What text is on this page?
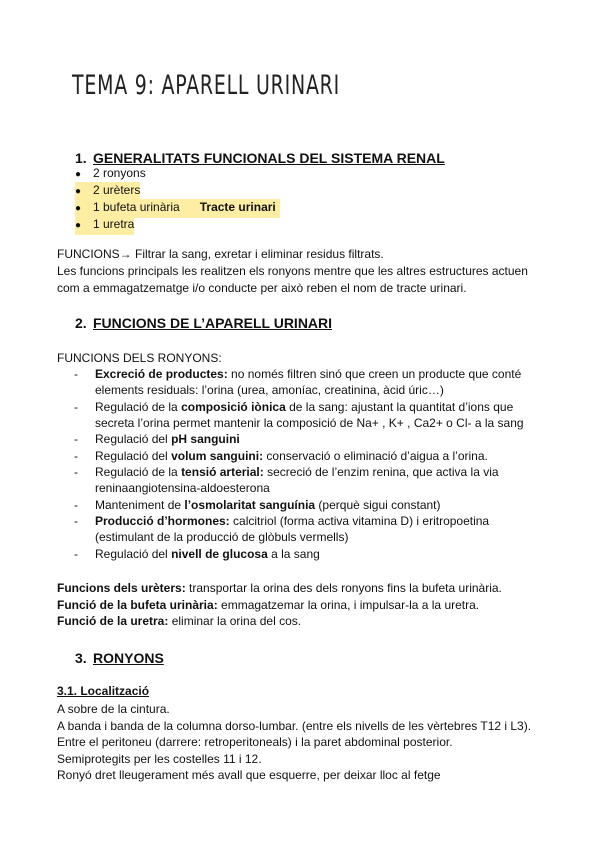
TEMA 9: APARELL URINARI
1. GENERALITATS FUNCIONALS DEL SISTEMA RENAL
● 2 ronyons
● 2 urèters
● 1 bufeta urinària Tracte urinari
● 1 uretra
FUNCIONS→ Filtrar la sang, exretar i eliminar residus filtrats.
Les funcions principals les realitzen els ronyons mentre que les altres estructures actuen
com a emmagatzematge i/o conducte per això reben el nom de tracte urinari.
2. FUNCIONS DE L’APARELL URINARI
FUNCIONS DELS RONYONS:
- Excreció de productes: no només filtren sinó que creen un producte que conté
elements residuals: l’orina (urea, amoníac, creatinina, àcid úric…)
- Regulació de la composició iònica de la sang: ajustant la quantitat d’ions que
secreta l’orina permet mantenir la composició de Na+ , K+ , Ca2+ o Cl- a la sang
- Regulació del pH sanguini
- Regulació del volum sanguini: conservació o eliminació d’aigua a l’orina.
- Regulació de la tensió arterial: secreció de l’enzim renina, que activa la via
reninaangiotensina-aldoesterona
- Manteniment de l’osmolaritat sanguínia (perquè sigui constant)
- Producció d’hormones: calcitriol (forma activa vitamina D) i eritropoetina
(estimulant de la producció de glòbuls vermells)
- Regulació del nivell de glucosa a la sang
Funcions dels urèters: transportar la orina des dels ronyons fins la bufeta urinària.
Funció de la bufeta urinària: emmagatzemar la orina, i impulsar-la a la uretra.
Funció de la uretra: eliminar la orina del cos.
3. RONYONS
3.1. Localització
A sobre de la cintura.
A banda i banda de la columna dorso-lumbar. (entre els nivells de les vèrtebres T12 i L3).
Entre el peritoneu (darrere: retroperitoneals) i la paret abdominal posterior.
Semiprotegits per les costelles 11 i 12.
Ronyó dret lleugerament més avall que esquerre, per deixar lloc al fetge
